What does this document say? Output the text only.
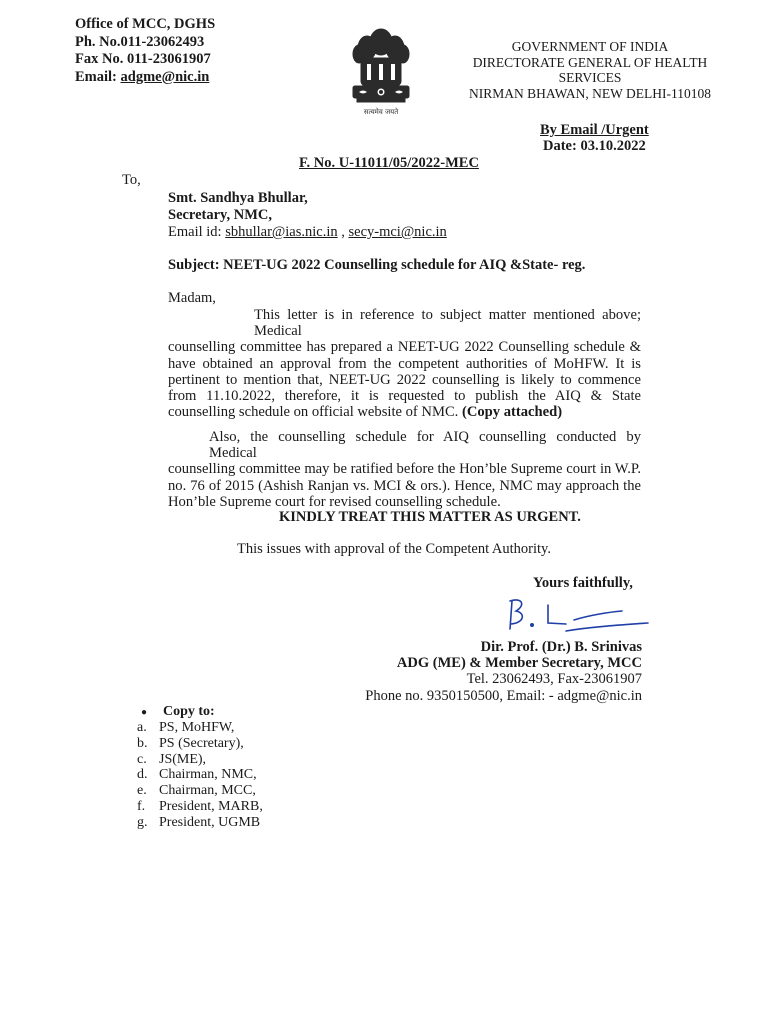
Office of MCC, DGHS
Ph. No.011-23062493
Fax No. 011-23061907
Email: adgme@nic.in
सत्यमेव जयते
GOVERNMENT OF INDIA
DIRECTORATE GENERAL OF HEALTH
SERVICES
NIRMAN BHAWAN, NEW DELHI-110108
By Email /Urgent
Date: 03.10.2022
F. No. U-11011/05/2022-MEC
To,
Smt. Sandhya Bhullar,
Secretary, NMC,
Email id: sbhullar@ias.nic.in , secy-mci@nic.in
Subject: NEET-UG 2022 Counselling schedule for AIQ &State- reg.
Madam,
This letter is in reference to subject matter mentioned above; Medical
counselling committee has prepared a NEET-UG 2022 Counselling schedule &
have obtained an approval from the competent authorities of MoHFW. It is
pertinent to mention that, NEET-UG 2022 counselling is likely to commence
from 11.10.2022, therefore, it is requested to publish the AIQ & State
counselling schedule on official website of NMC. (Copy attached)
Also, the counselling schedule for AIQ counselling conducted by Medical
counselling committee may be ratified before the Hon’ble Supreme court in W.P.
no. 76 of 2015 (Ashish Ranjan vs. MCI & ors.). Hence, NMC may approach the
Hon’ble Supreme court for revised counselling schedule.
KINDLY TREAT THIS MATTER AS URGENT.
This issues with approval of the Competent Authority.
Yours faithfully,
Dir. Prof. (Dr.) B. Srinivas
ADG (ME) & Member Secretary, MCC
Tel. 23062493, Fax-23061907
Phone no. 9350150500, Email: - adgme@nic.in
● Copy to:
a. PS, MoHFW,
b. PS (Secretary),
c. JS(ME),
d. Chairman, NMC,
e. Chairman, MCC,
f. President, MARB,
g. President, UGMB
